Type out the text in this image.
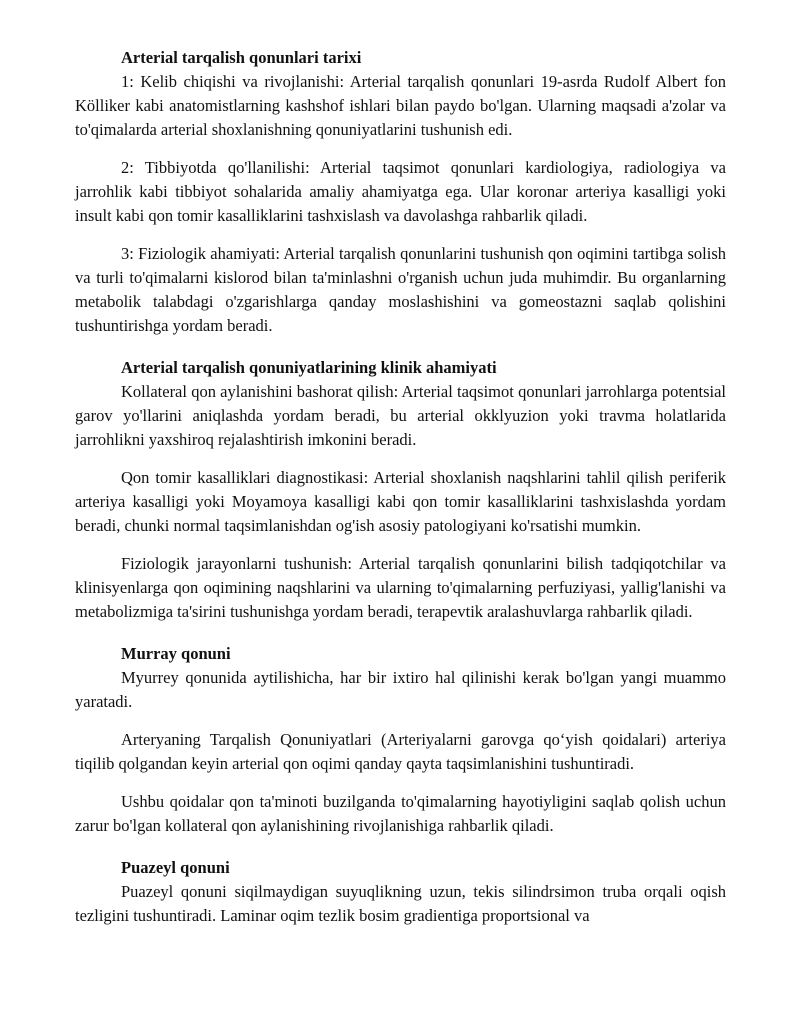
Arterial tarqalish qonunlari tarixi

1: Kelib chiqishi va rivojlanishi: Arterial tarqalish qonunlari 19-asrda Rudolf Albert fon Kölliker kabi anatomistlarning kashshof ishlari bilan paydo bo'lgan. Ularning maqsadi a'zolar va to'qimalarda arterial shoxlanishning qonuniyatlarini tushunish edi.

2: Tibbiyotda qo'llanilishi: Arterial taqsimot qonunlari kardiologiya, radiologiya va jarrohlik kabi tibbiyot sohalarida amaliy ahamiyatga ega. Ular koronar arteriya kasalligi yoki insult kabi qon tomir kasalliklarini tashxislash va davolashga rahbarlik qiladi.

3: Fiziologik ahamiyati: Arterial tarqalish qonunlarini tushunish qon oqimini tartibga solish va turli to'qimalarni kislorod bilan ta'minlashni o'rganish uchun juda muhimdir. Bu organlarning metabolik talabdagi o'zgarishlarga qanday moslashishini va gomeostazni saqlab qolishini tushuntirishga yordam beradi.

Arterial tarqalish qonuniyatlarining klinik ahamiyati

Kollateral qon aylanishini bashorat qilish: Arterial taqsimot qonunlari jarrohlarga potentsial garov yo'llarini aniqlashda yordam beradi, bu arterial okklyuzion yoki travma holatlarida jarrohlikni yaxshiroq rejalashtirish imkonini beradi.

Qon tomir kasalliklari diagnostikasi: Arterial shoxlanish naqshlarini tahlil qilish periferik arteriya kasalligi yoki Moyamoya kasalligi kabi qon tomir kasalliklarini tashxislashda yordam beradi, chunki normal taqsimlanishdan og'ish asosiy patologiyani ko'rsatishi mumkin.

Fiziologik jarayonlarni tushunish: Arterial tarqalish qonunlarini bilish tadqiqotchilar va klinisyenlarga qon oqimining naqshlarini va ularning to'qimalarning perfuziyasi, yallig'lanishi va metabolizmiga ta'sirini tushunishga yordam beradi, terapevtik aralashuvlarga rahbarlik qiladi.

Murray qonuni

Myurrey qonunida aytilishicha, har bir ixtiro hal qilinishi kerak bo'lgan yangi muammo yaratadi.

Arteryaning Tarqalish Qonuniyatlari (Arteriyalarni garovga qo‘yish qoidalari) arteriya tiqilib qolgandan keyin arterial qon oqimi qanday qayta taqsimlanishini tushuntiradi.

Ushbu qoidalar qon ta'minoti buzilganda to'qimalarning hayotiyligini saqlab qolish uchun zarur bo'lgan kollateral qon aylanishining rivojlanishiga rahbarlik qiladi.

Puazeyl qonuni

Puazeyl qonuni siqilmaydigan suyuqlikning uzun, tekis silindrsimon truba orqali oqish tezligini tushuntiradi. Laminar oqim tezlik bosim gradientiga proportsional va
